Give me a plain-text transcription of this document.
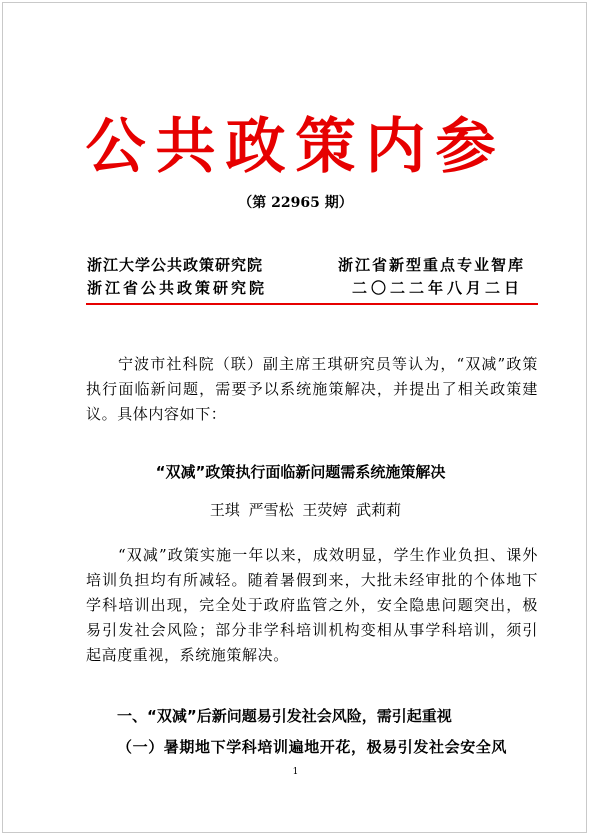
公共政策内参
（第 22965 期）
浙江大学公共政策研究院
浙江省公共政策研究院
浙江省新型重点专业智库
二〇二二年八月二日

宁波市社科院（联）副主席王琪研究员等认为，“双减”政策执行面临新问题，需要予以系统施策解决，并提出了相关政策建议。具体内容如下：

“双减”政策执行面临新问题需系统施策解决
王琪 严雪松 王荧婷 武莉莉

“双减”政策实施一年以来，成效明显，学生作业负担、课外培训负担均有所减轻。随着暑假到来，大批未经审批的个体地下学科培训出现，完全处于政府监管之外，安全隐患问题突出，极易引发社会风险；部分非学科培训机构变相从事学科培训，须引起高度重视，系统施策解决。

一、“双减”后新问题易引发社会风险，需引起重视
（一）暑期地下学科培训遍地开花，极易引发社会安全风
1
